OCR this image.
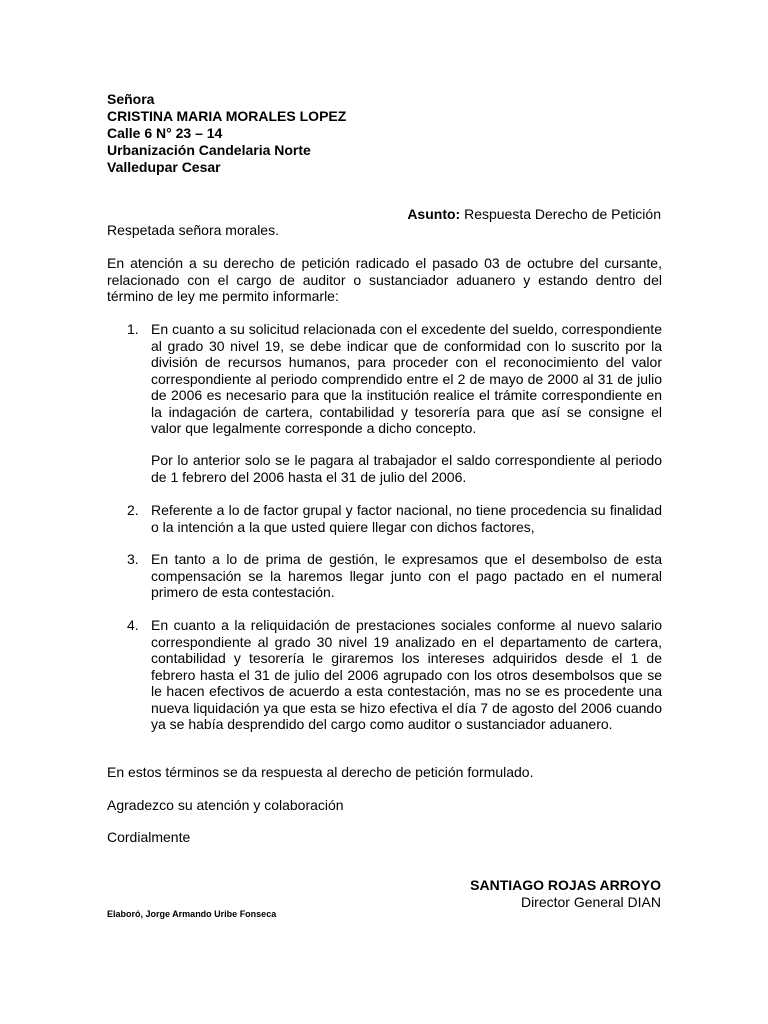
Señora
CRISTINA MARIA MORALES LOPEZ
Calle 6 N° 23 – 14
Urbanización Candelaria Norte
Valledupar Cesar
Asunto: Respuesta Derecho de Petición

Respetada señora morales.

En atención a su derecho de petición radicado el pasado 03 de octubre del cursante, relacionado con el cargo de auditor o sustanciador aduanero y estando dentro del término de ley me permito informarle:

1. En cuanto a su solicitud relacionada con el excedente del sueldo, correspondiente al grado 30 nivel 19, se debe indicar que de conformidad con lo suscrito por la división de recursos humanos, para proceder con el reconocimiento del valor correspondiente al periodo comprendido entre el 2 de mayo de 2000 al 31 de julio de 2006 es necesario para que la institución realice el trámite correspondiente en la indagación de cartera, contabilidad y tesorería para que así se consigne el valor que legalmente corresponde a dicho concepto.

Por lo anterior solo se le pagara al trabajador el saldo correspondiente al periodo de 1 febrero del 2006 hasta el 31 de julio del 2006.

2. Referente a lo de factor grupal y factor nacional, no tiene procedencia su finalidad o la intención a la que usted quiere llegar con dichos factores,

3. En tanto a lo de prima de gestión, le expresamos que el desembolso de esta compensación se la haremos llegar junto con el pago pactado en el numeral primero de esta contestación.

4. En cuanto a la reliquidación de prestaciones sociales conforme al nuevo salario correspondiente al grado 30 nivel 19 analizado en el departamento de cartera, contabilidad y tesorería le giraremos los intereses adquiridos desde el 1 de febrero hasta el 31 de julio del 2006 agrupado con los otros desembolsos que se le hacen efectivos de acuerdo a esta contestación, mas no se es procedente una nueva liquidación ya que esta se hizo efectiva el día 7 de agosto del 2006 cuando ya se había desprendido del cargo como auditor o sustanciador aduanero.

En estos términos se da respuesta al derecho de petición formulado.

Agradezco su atención y colaboración

Cordialmente

SANTIAGO ROJAS ARROYO
Director General DIAN
Elaboró, Jorge Armando Uribe Fonseca
